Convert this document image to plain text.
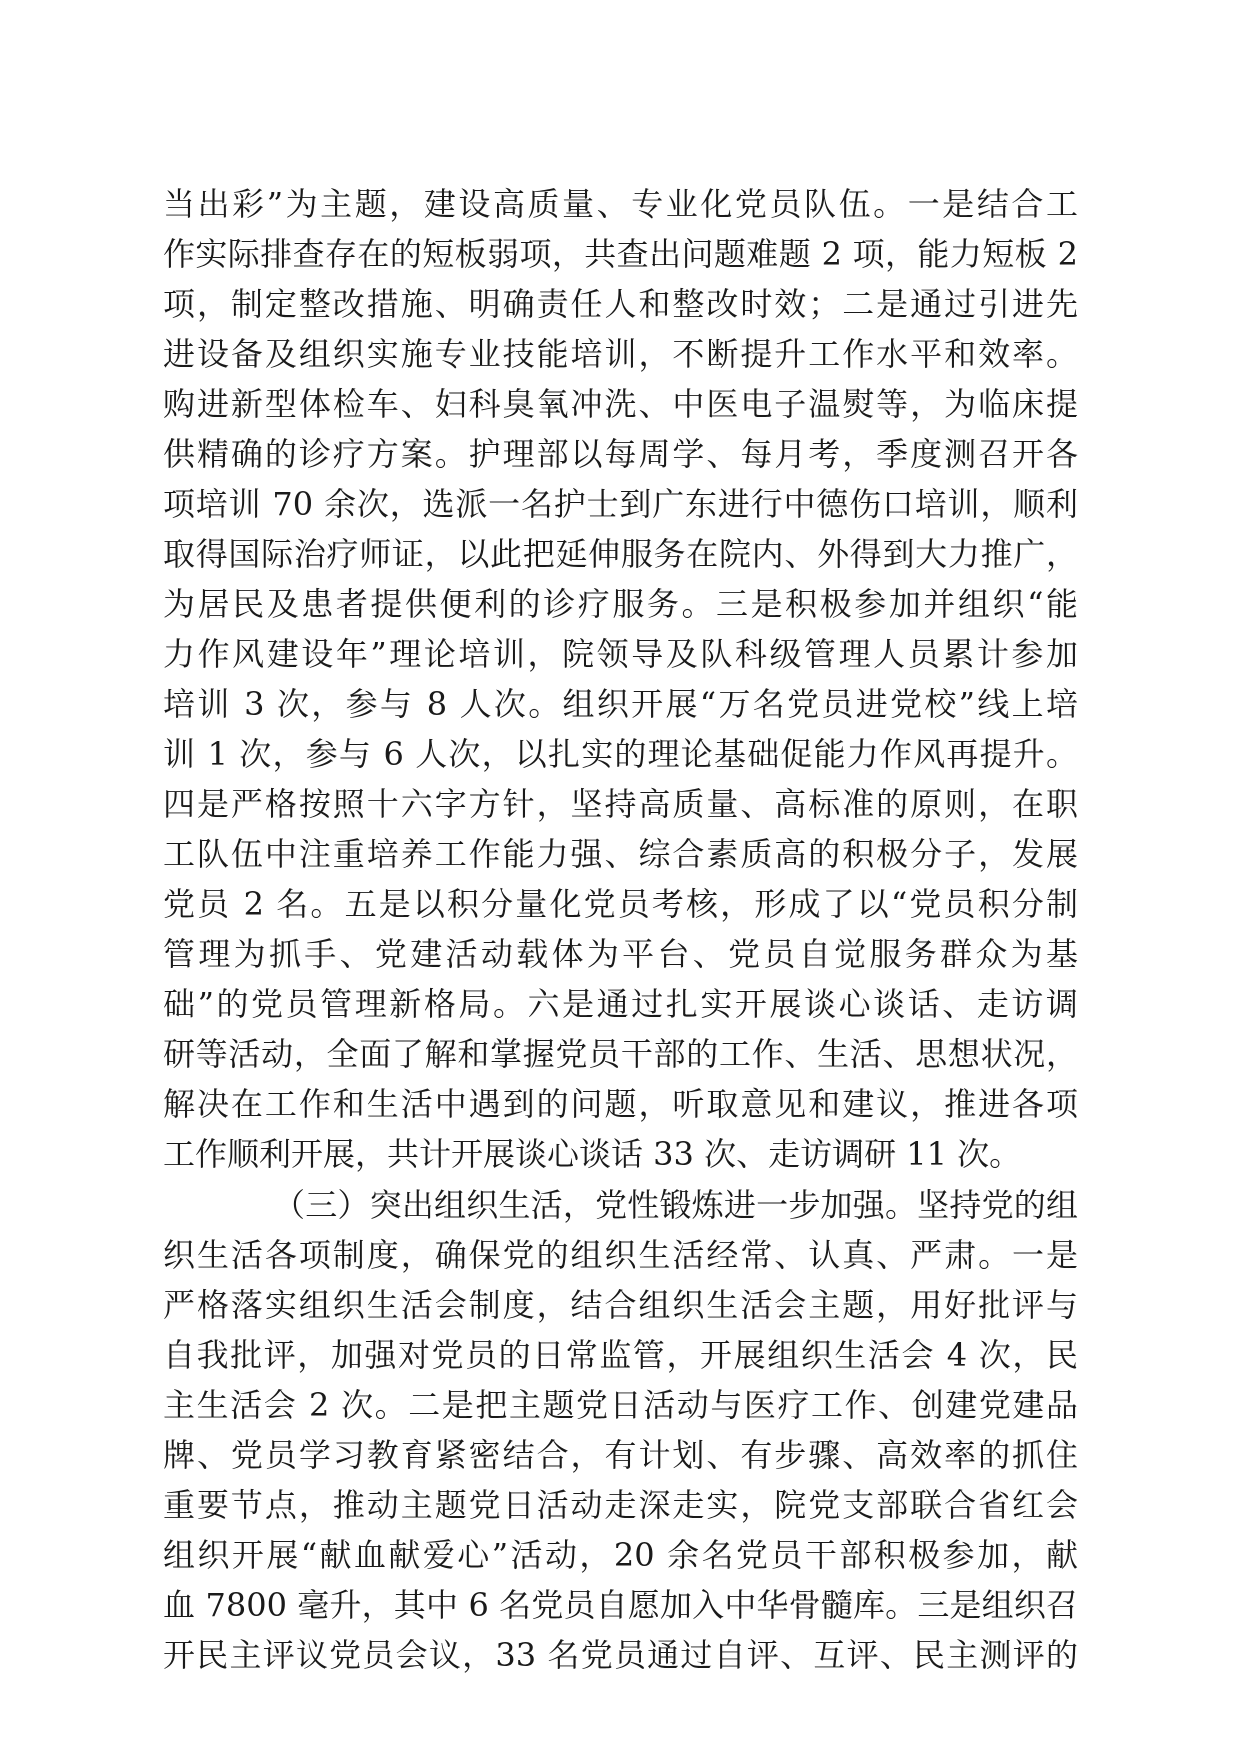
当出彩”为主题，建设高质量、专业化党员队伍。一是结合工
作实际排查存在的短板弱项，共查出问题难题 2 项，能力短板 2
项，制定整改措施、明确责任人和整改时效；二是通过引进先
进设备及组织实施专业技能培训，不断提升工作水平和效率。
购进新型体检车、妇科臭氧冲洗、中医电子温熨等，为临床提
供精确的诊疗方案。护理部以每周学、每月考，季度测召开各
项培训 70 余次，选派一名护士到广东进行中德伤口培训，顺利
取得国际治疗师证，以此把延伸服务在院内、外得到大力推广，
为居民及患者提供便利的诊疗服务。三是积极参加并组织“能
力作风建设年”理论培训，院领导及队科级管理人员累计参加
培训 3 次，参与 8 人次。组织开展“万名党员进党校”线上培
训 1 次，参与 6 人次，以扎实的理论基础促能力作风再提升。
四是严格按照十六字方针，坚持高质量、高标准的原则，在职
工队伍中注重培养工作能力强、综合素质高的积极分子，发展
党员 2 名。五是以积分量化党员考核，形成了以“党员积分制
管理为抓手、党建活动载体为平台、党员自觉服务群众为基
础”的党员管理新格局。六是通过扎实开展谈心谈话、走访调
研等活动，全面了解和掌握党员干部的工作、生活、思想状况，
解决在工作和生活中遇到的问题，听取意见和建议，推进各项
工作顺利开展，共计开展谈心谈话 33 次、走访调研 11 次。
（三）突出组织生活，党性锻炼进一步加强。坚持党的组
织生活各项制度，确保党的组织生活经常、认真、严肃。一是
严格落实组织生活会制度，结合组织生活会主题，用好批评与
自我批评，加强对党员的日常监管，开展组织生活会 4 次，民
主生活会 2 次。二是把主题党日活动与医疗工作、创建党建品
牌、党员学习教育紧密结合，有计划、有步骤、高效率的抓住
重要节点，推动主题党日活动走深走实，院党支部联合省红会
组织开展“献血献爱心”活动，20 余名党员干部积极参加，献
血 7800 毫升，其中 6 名党员自愿加入中华骨髓库。三是组织召
开民主评议党员会议，33 名党员通过自评、互评、民主测评的
